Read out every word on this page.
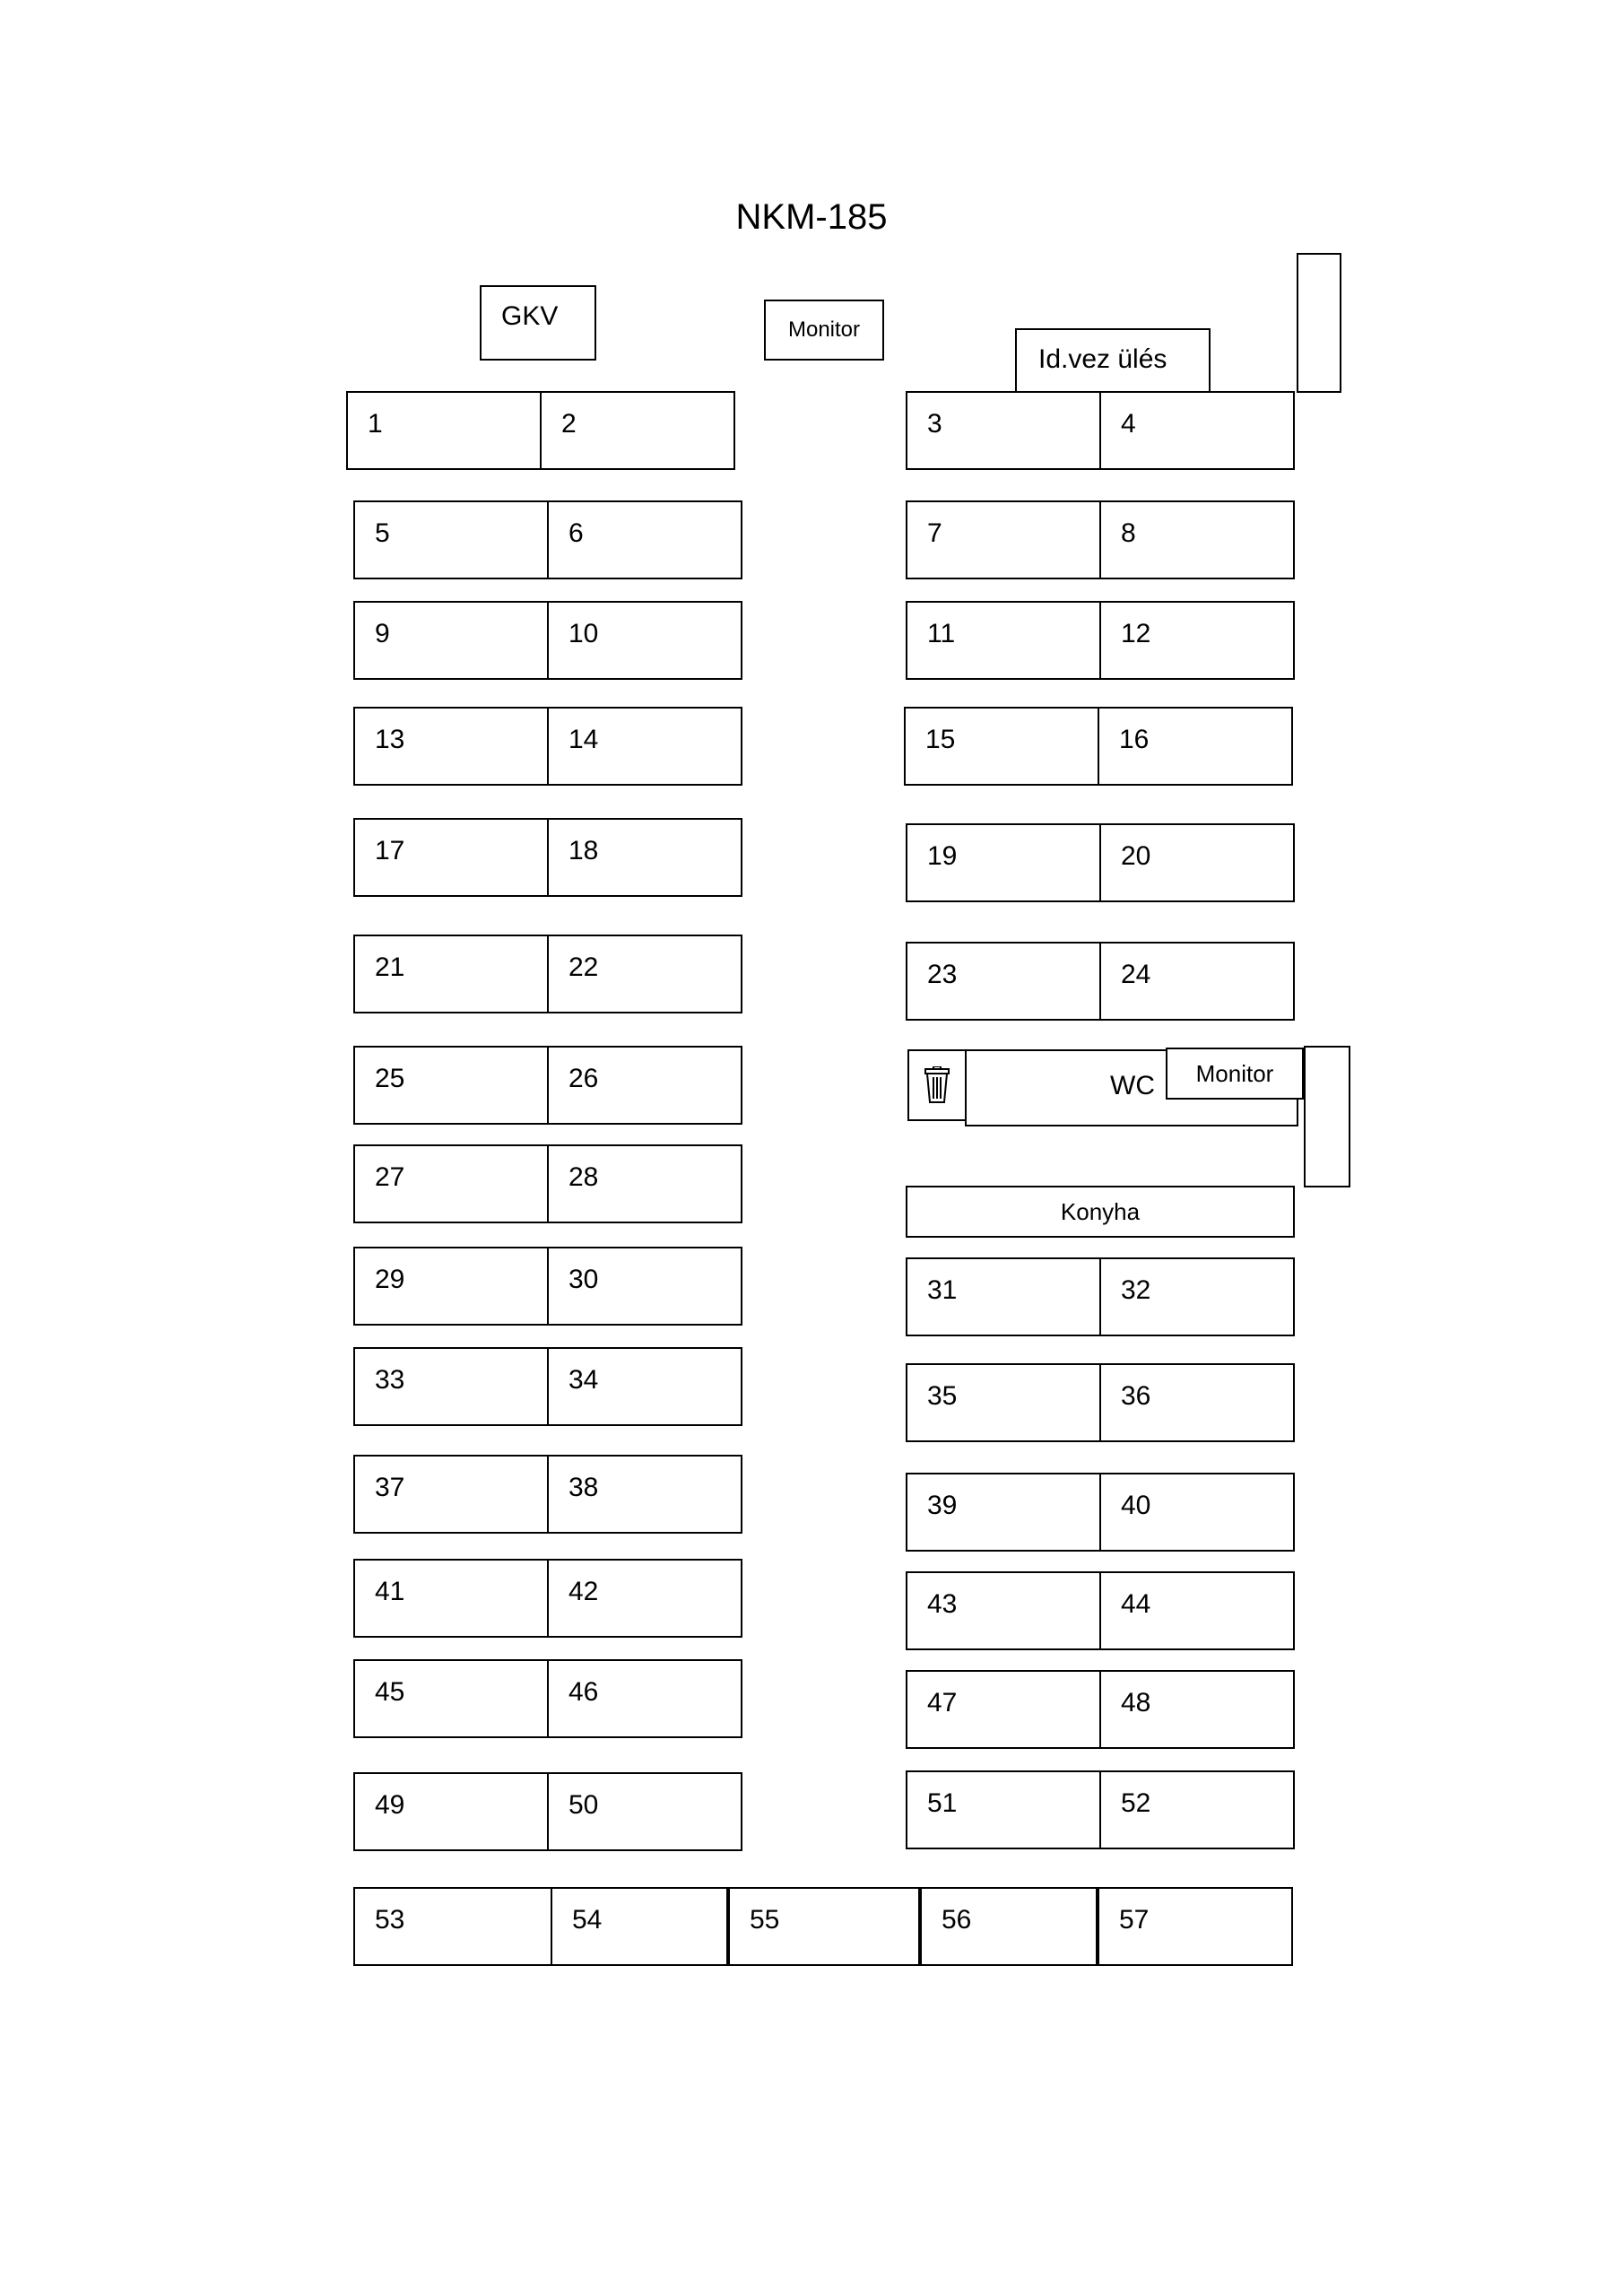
NKM-185
GKV	Monitor
Id.vez ülés
WC Monitor
Konyha
1	2
5	6
9	10
13	14
17	18
21	22
25	26
27	28
29	30
33	34
37	38
41	42
45	46
49	50
3	4
7	8
11	12
15	16
19	20
23	24
31	32
35	36
39	40
43	44
47	48
51	52
53	54	55	56	57
